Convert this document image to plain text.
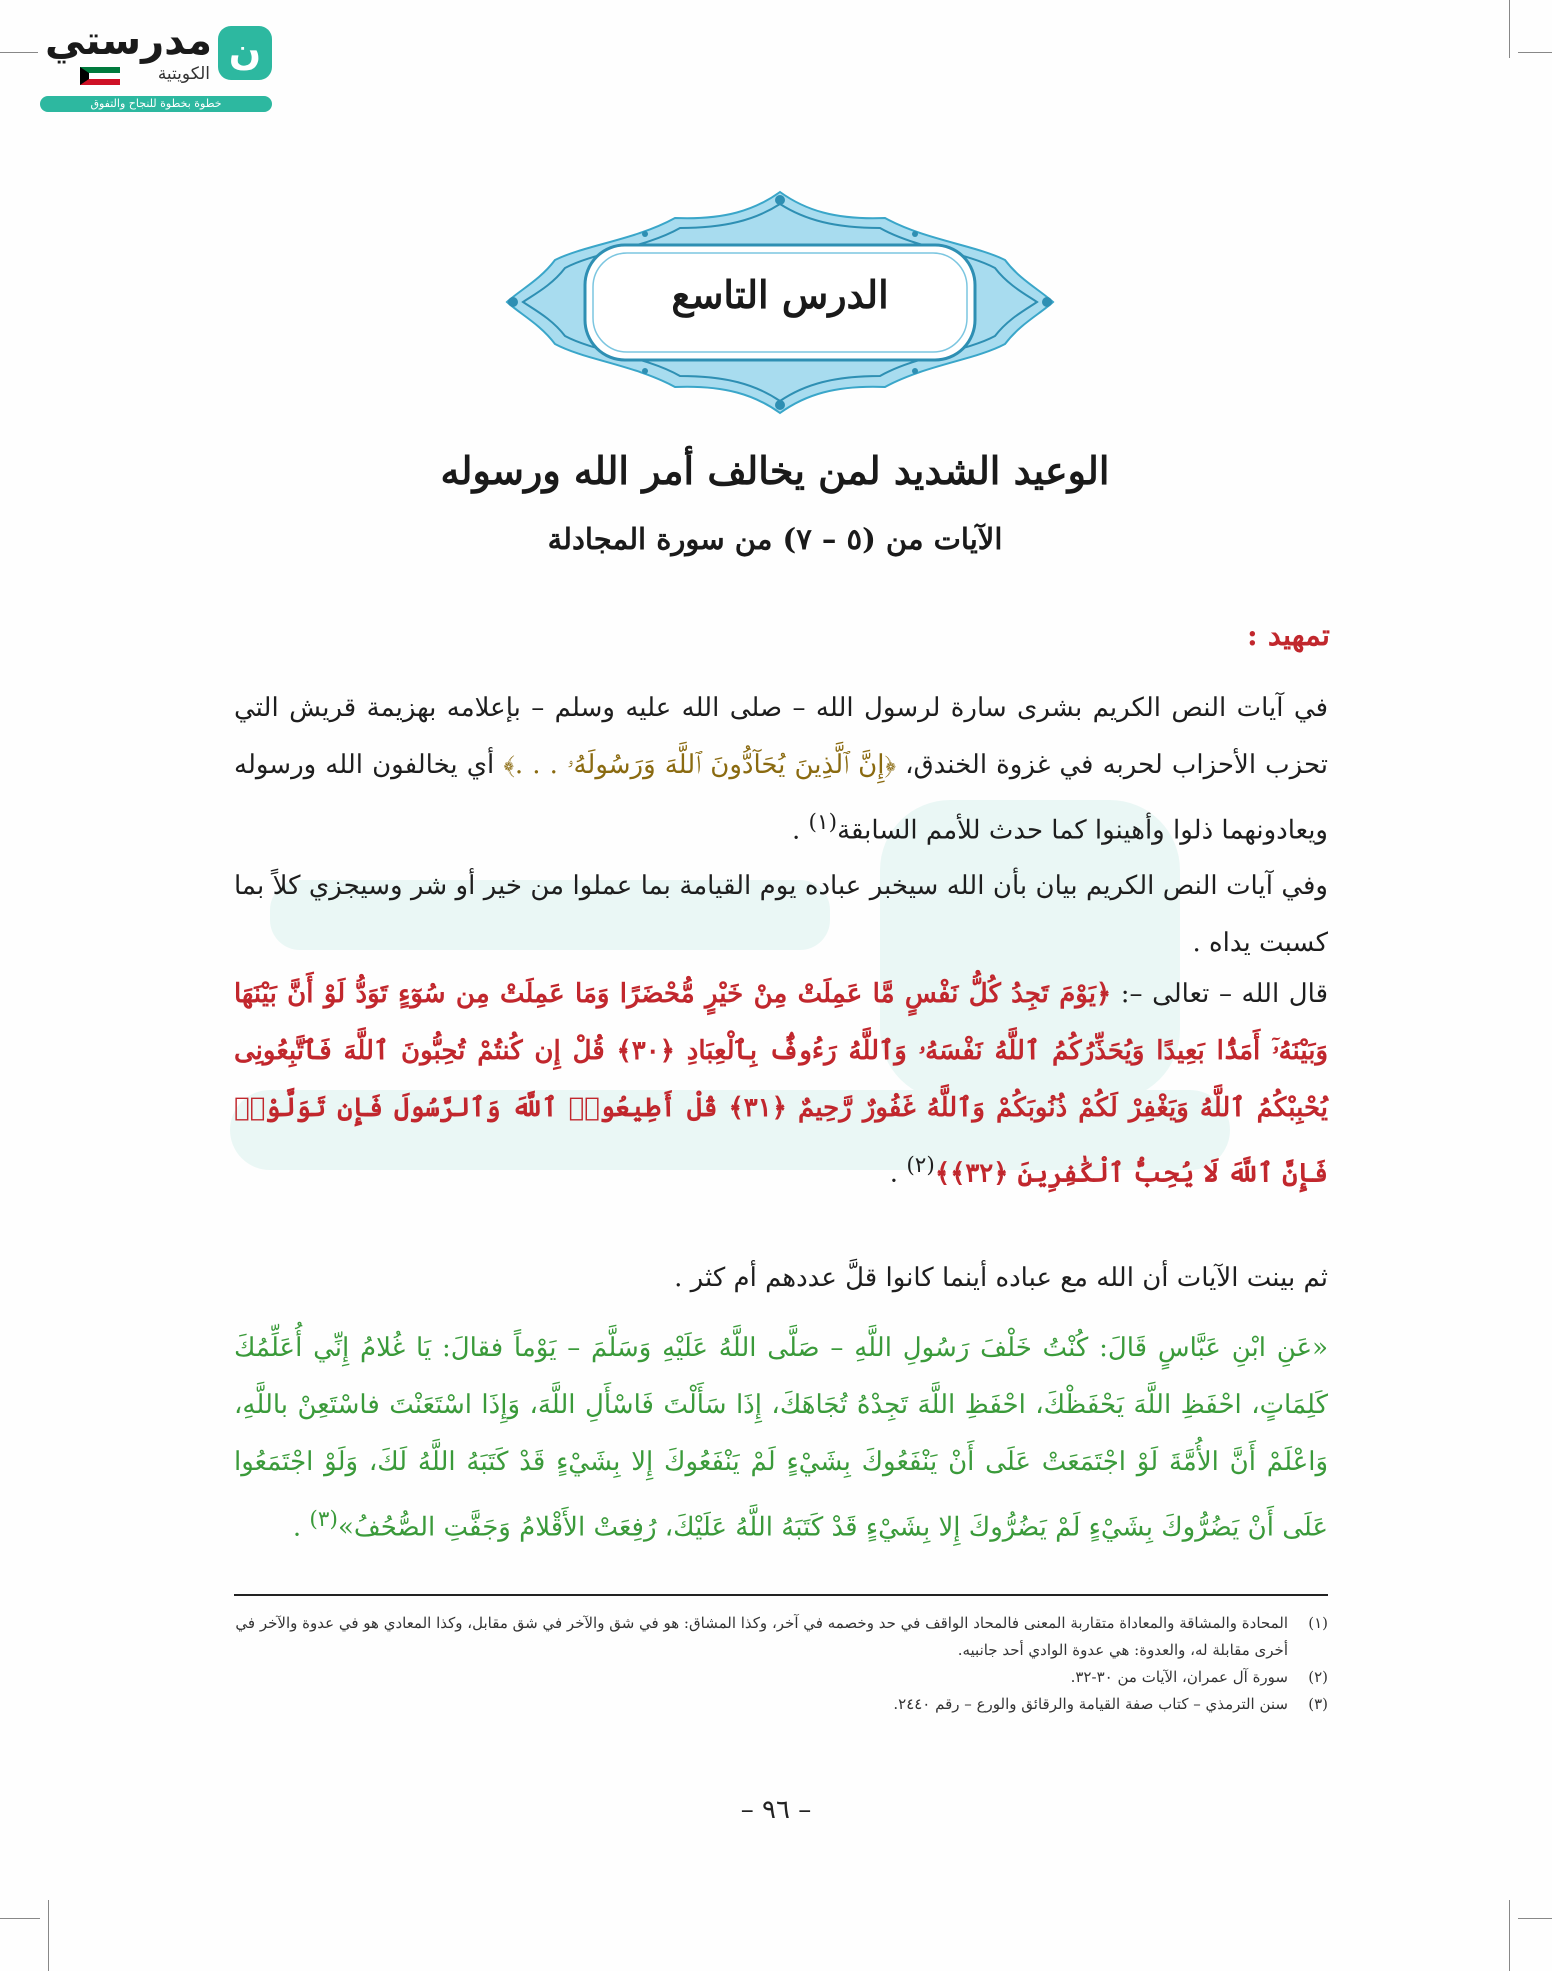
ن
مدرستي
الكويتية
خطوة بخطوة للنجاح والتفوق
الدرس التاسع
الوعيد الشديد لمن يخالف أمر الله ورسوله
الآيات من (٥ – ٧) من سورة المجادلة
تمهيد :
في آيات النص الكريم بشرى سارة لرسول الله – صلى الله عليه وسلم – بإعلامه بهزيمة قريش التي تحزب الأحزاب لحربه في غزوة الخندق، ﴿إِنَّ ٱلَّذِينَ يُحَآدُّونَ ٱللَّهَ وَرَسُولَهُۥ . . .﴾ أي يخالفون الله ورسوله ويعادونهما ذلوا وأهينوا كما حدث للأمم السابقة$^{(١)}$ .
وفي آيات النص الكريم بيان بأن الله سيخبر عباده يوم القيامة بما عملوا من خير أو شر وسيجزي كلاً بما كسبت يداه .
قال الله – تعالى –: ﴿يَوْمَ تَجِدُ كُلُّ نَفْسٍ مَّا عَمِلَتْ مِنْ خَيْرٍ مُّحْضَرًا وَمَا عَمِلَتْ مِن سُوٓءٍ تَوَدُّ لَوْ أَنَّ بَيْنَهَا وَبَيْنَهُۥٓ أَمَدًۢا بَعِيدًا وَيُحَذِّرُكُمُ ٱللَّهُ نَفْسَهُۥ وَٱللَّهُ رَءُوفٌۢ بِٱلْعِبَادِ ﴿٣٠﴾ قُلْ إِن كُنتُمْ تُحِبُّونَ ٱللَّهَ فَٱتَّبِعُونِى يُحْبِبْكُمُ ٱللَّهُ وَيَغْفِرْ لَكُمْ ذُنُوبَكُمْ وَٱللَّهُ غَفُورٌ رَّحِيمٌ ﴿٣١﴾ قُلْ أَطِيعُوا۟ ٱللَّهَ وَٱلرَّسُولَ فَإِن تَوَلَّوْا۟ فَإِنَّ ٱللَّهَ لَا يُحِبُّ ٱلْكَٰفِرِينَ ﴿٣٢﴾﴾$^{(٢)}$ .
ثم بينت الآيات أن الله مع عباده أينما كانوا قلَّ عددهم أم كثر .
«عَنِ ابْنِ عَبَّاسٍ قَالَ: كُنْتُ خَلْفَ رَسُولِ اللَّهِ – صَلَّى اللَّهُ عَلَيْهِ وَسَلَّمَ – يَوْماً فقالَ: يَا غُلامُ إِنِّي أُعَلِّمُكَ كَلِمَاتٍ، احْفَظِ اللَّهَ يَحْفَظْكَ، احْفَظِ اللَّهَ تَجِدْهُ تُجَاهَكَ، إِذَا سَأَلْتَ فَاسْأَلِ اللَّهَ، وَإِذَا اسْتَعَنْتَ فاسْتَعِنْ باللَّهِ، وَاعْلَمْ أَنَّ الأُمَّةَ لَوْ اجْتَمَعَتْ عَلَى أَنْ يَنْفَعُوكَ بِشَيْءٍ لَمْ يَنْفَعُوكَ إِلا بِشَيْءٍ قَدْ كَتَبَهُ اللَّهُ لَكَ، وَلَوْ اجْتَمَعُوا عَلَى أَنْ يَضُرُّوكَ بِشَيْءٍ لَمْ يَضُرُّوكَ إِلا بِشَيْءٍ قَدْ كَتَبَهُ اللَّهُ عَلَيْكَ، رُفِعَتْ الأَقْلامُ وَجَفَّتِ الصُّحُفُ»$^{(٣)}$ .
(١)
المحادة والمشاقة والمعاداة متقاربة المعنى فالمحاد الواقف في حد وخصمه في آخر، وكذا المشاق: هو في شق والآخر في شق مقابل، وكذا المعادي هو في عدوة والآخر في أخرى مقابلة له، والعدوة: هي عدوة الوادي أحد جانبيه.
(٢)
سورة آل عمران، الآيات من ٣٠-٣٢.
(٣)
سنن الترمذي – كتاب صفة القيامة والرقائق والورع – رقم ٢٤٤٠.
– ٩٦ –
